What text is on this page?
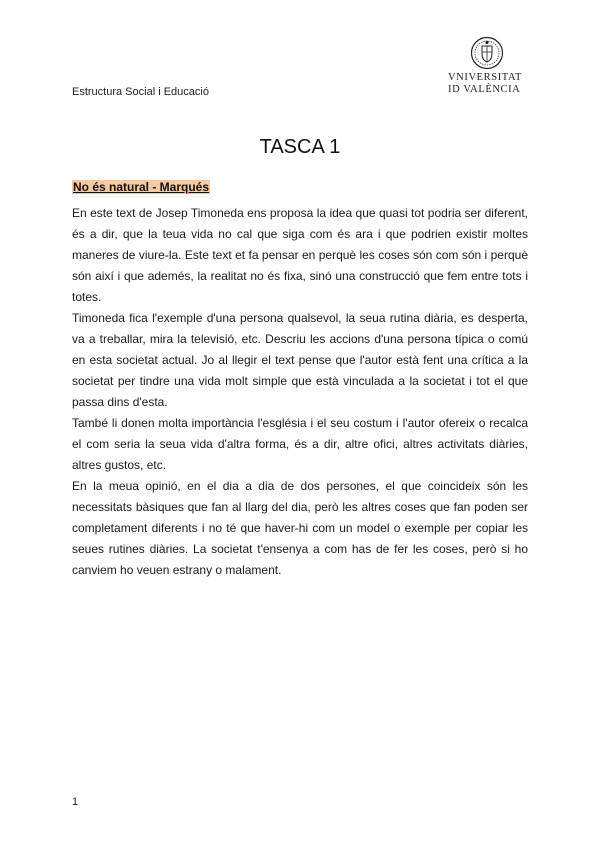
Estructura Social i Educació
VNIVERSITAT
ID VALÈNCIA
TASCA 1
No és natural - Marqués

En este text de Josep Timoneda ens proposa la idea que quasi tot podria ser diferent, és a dir, que la teua vida no cal que siga com és ara i que podrien existir moltes maneres de viure-la. Este text et fa pensar en perquè les coses són com són i perquè són així i que ademés, la realitat no és fixa, sinó una construcció que fem entre tots i totes.

Timoneda fica l'exemple d'una persona qualsevol, la seua rutina diària, es desperta, va a treballar, mira la televisió, etc. Descriu les accions d'una persona típica o comú en esta societat actual. Jo al llegir el text pense que l'autor està fent una crítica a la societat per tindre una vida molt simple que està vinculada a la societat i tot el que passa dins d'esta.

També li donen molta importància l'església i el seu costum i l'autor ofereix o recalca el com seria la seua vida d'altra forma, és a dir, altre ofici, altres activitats diàries, altres gustos, etc.

En la meua opinió, en el dia a dia de dos persones, el que coincideix són les necessitats bàsiques que fan al llarg del dia, però les altres coses que fan poden ser completament diferents i no té que haver-hi com un model o exemple per copiar les seues rutines diàries. La societat t'ensenya a com has de fer les coses, però si ho canviem ho veuen estrany o malament.

1
